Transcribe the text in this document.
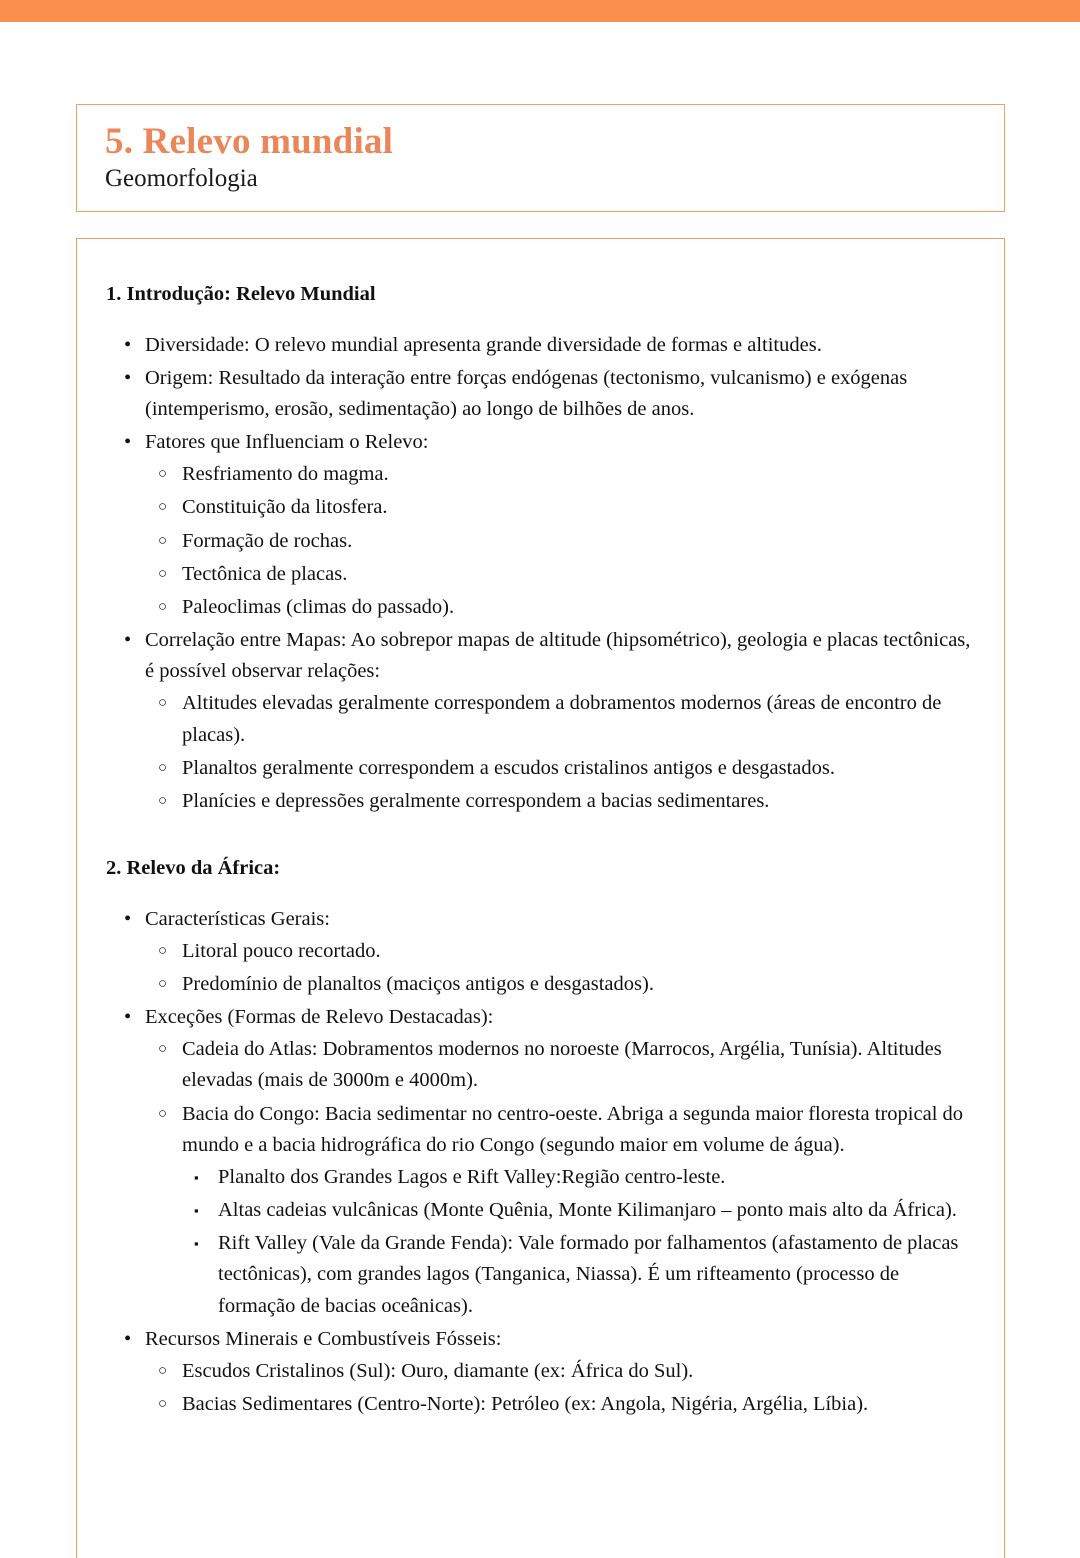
5. Relevo mundial
Geomorfologia
1. Introdução: Relevo Mundial
• Diversidade: O relevo mundial apresenta grande diversidade de formas e altitudes.
• Origem: Resultado da interação entre forças endógenas (tectonismo, vulcanismo) e exógenas (intemperismo, erosão, sedimentação) ao longo de bilhões de anos.
• Fatores que Influenciam o Relevo:
○ Resfriamento do magma.
○ Constituição da litosfera.
○ Formação de rochas.
○ Tectônica de placas.
○ Paleoclimas (climas do passado).
• Correlação entre Mapas: Ao sobrepor mapas de altitude (hipsométrico), geologia e placas tectônicas, é possível observar relações:
○ Altitudes elevadas geralmente correspondem a dobramentos modernos (áreas de encontro de placas).
○ Planaltos geralmente correspondem a escudos cristalinos antigos e desgastados.
○ Planícies e depressões geralmente correspondem a bacias sedimentares.
2. Relevo da África:
• Características Gerais:
○ Litoral pouco recortado.
○ Predomínio de planaltos (maciços antigos e desgastados).
• Exceções (Formas de Relevo Destacadas):
○ Cadeia do Atlas: Dobramentos modernos no noroeste (Marrocos, Argélia, Tunísia). Altitudes elevadas (mais de 3000m e 4000m).
○ Bacia do Congo: Bacia sedimentar no centro-oeste. Abriga a segunda maior floresta tropical do mundo e a bacia hidrográfica do rio Congo (segundo maior em volume de água).
▪ Planalto dos Grandes Lagos e Rift Valley:Região centro-leste.
▪ Altas cadeias vulcânicas (Monte Quênia, Monte Kilimanjaro – ponto mais alto da África).
▪ Rift Valley (Vale da Grande Fenda): Vale formado por falhamentos (afastamento de placas tectônicas), com grandes lagos (Tanganica, Niassa). É um rifteamento (processo de formação de bacias oceânicas).
• Recursos Minerais e Combustíveis Fósseis:
○ Escudos Cristalinos (Sul): Ouro, diamante (ex: África do Sul).
○ Bacias Sedimentares (Centro-Norte): Petróleo (ex: Angola, Nigéria, Argélia, Líbia).
